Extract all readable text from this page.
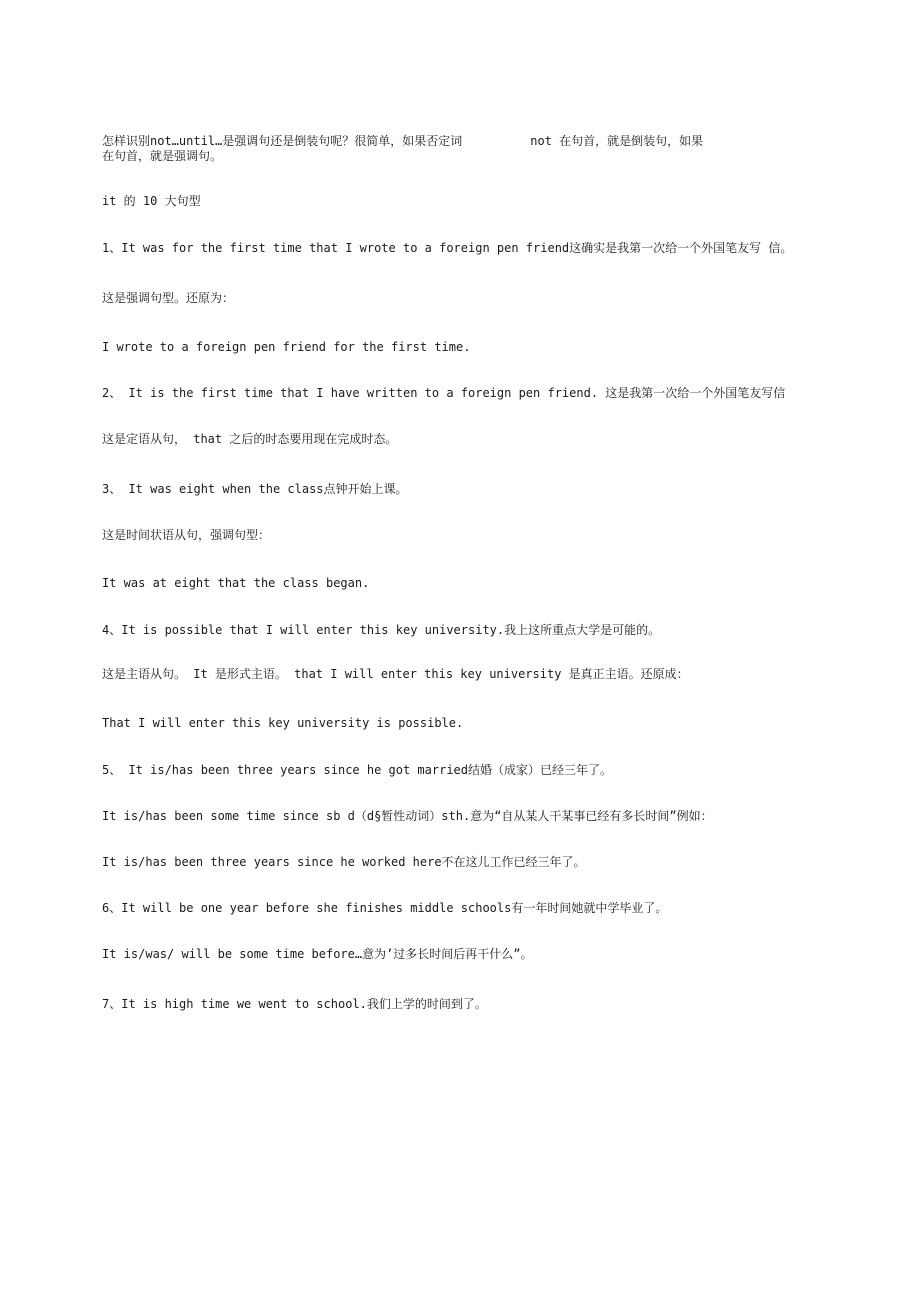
怎样识别not…until…是强调句还是倒装句呢？很简单，如果否定词	not 在句首，就是倒装句，如果
在句首，就是强调句。
it 的 10 大句型
1、It was for the first time that I wrote to a foreign pen friend这确实是我第一次给一个外国笔友写 信。
这是强调句型。还原为：
I wrote to a foreign pen friend for the first time.
2、 It is the first time that I have written to a foreign pen friend. 这是我第一次给一个外国笔友写信
这是定语从句， that 之后的时态要用现在完成时态。
3、 It was eight when the class点钟开始上课。
这是时间状语从句，强调句型：
It was at eight that the class began.
4、It is possible that I will enter this key university.我上这所重点大学是可能的。
这是主语从句。 It 是形式主语。 that I will enter this key university 是真正主语。还原成：
That I will enter this key university is possible.
5、 It is/has been three years since he got married结婚（成家）已经三年了。
It is/has been some time since sb d（d§暂性动词）sth.意为“自从某人干某事已经有多长时间”例如：
It is/has been three years since he worked here不在这儿工作已经三年了。
6、It will be one year before she finishes middle schools有一年时间她就中学毕业了。
It is/was/ will be some time before…意为’过多长时间后再干什么”。
7、It is high time we went to school.我们上学的时间到了。
